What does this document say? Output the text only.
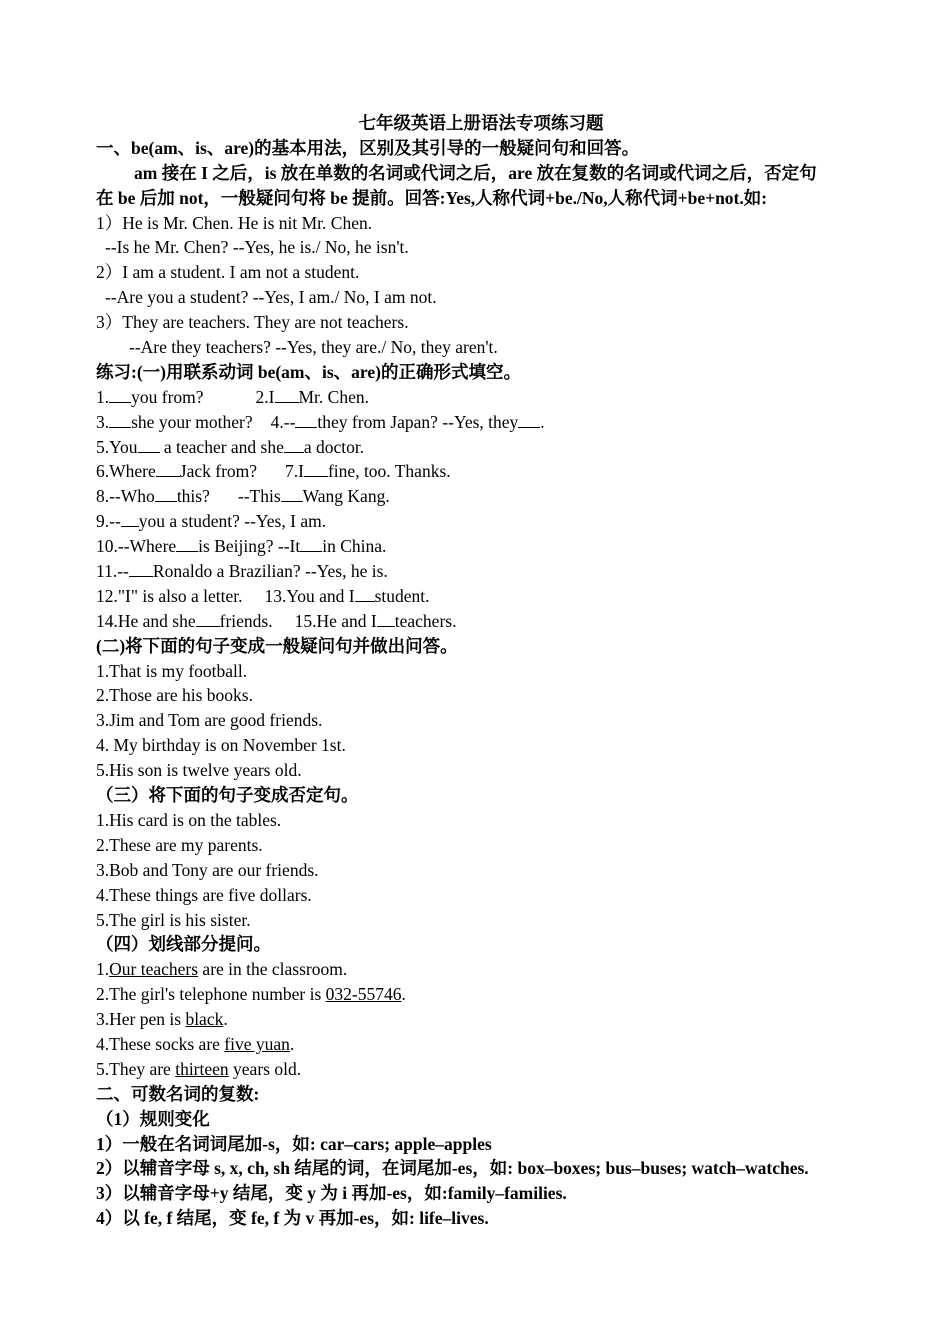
七年级英语上册语法专项练习题
一、be(am、is、are)的基本用法，区别及其引导的一般疑问句和回答。
am 接在 I 之后，is 放在单数的名词或代词之后，are 放在复数的名词或代词之后，否定句
在 be 后加 not，一般疑问句将 be 提前。回答:Yes,人称代词+be./No,人称代词+be+not.如:
1）He is Mr. Chen. He is nit Mr. Chen.
--Is he Mr. Chen? --Yes, he is./ No, he isn't.
2）I am a student. I am not a student.
--Are you a student? --Yes, I am./ No, I am not.
3）They are teachers. They are not teachers.
--Are they teachers? --Yes, they are./ No, they aren't.
练习:(一)用联系动词 be(am、is、are)的正确形式填空。
1. you from?	2.I Mr. Chen.
3. she your mother? 4.-- they from Japan? --Yes, they .
5.You a teacher and she a doctor.
6.Where Jack from? 7.I fine, too. Thanks.
8.--Who this? --This Wang Kang.
9.-- you a student? --Yes, I am.
10.--Where is Beijing? --It in China.
11.-- Ronaldo a Brazilian? --Yes, he is.
12."I" is also a letter. 13.You and I student.
14.He and she friends. 15.He and I teachers.
(二)将下面的句子变成一般疑问句并做出问答。
1.That is my football.
2.Those are his books.
3.Jim and Tom are good friends.
4. My birthday is on November 1st.
5.His son is twelve years old.
（三）将下面的句子变成否定句。
1.His card is on the tables.
2.These are my parents.
3.Bob and Tony are our friends.
4.These things are five dollars.
5.The girl is his sister.
（四）划线部分提问。
1.Our teachers are in the classroom.
2.The girl's telephone number is 032-55746.
3.Her pen is black.
4.These socks are five yuan.
5.They are thirteen years old.
二、可数名词的复数:
（1）规则变化
1）一般在名词词尾加-s，如: car–cars; apple–apples
2）以辅音字母 s, x, ch, sh 结尾的词，在词尾加-es，如: box–boxes; bus–buses; watch–watches.
3）以辅音字母+y 结尾，变 y 为 i 再加-es，如:family–families.
4）以 fe, f 结尾，变 fe, f 为 v 再加-es，如: life–lives.
